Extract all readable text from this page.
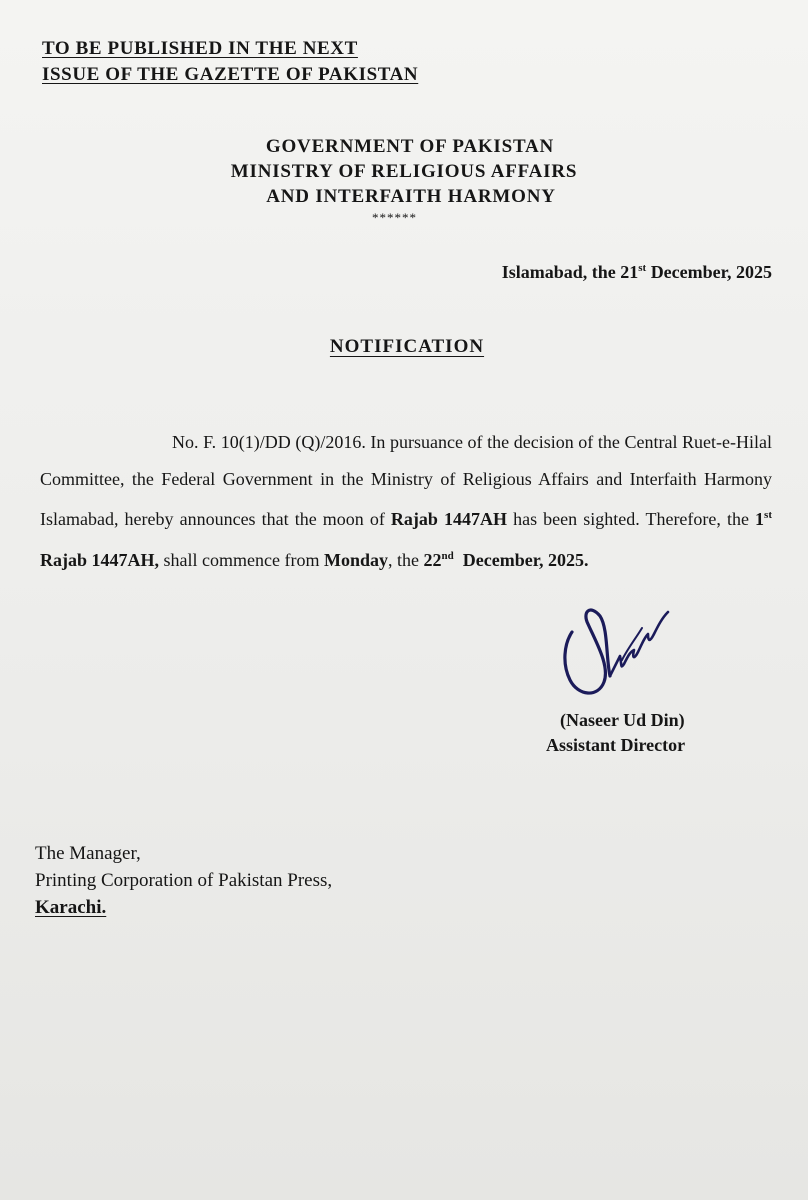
TO BE PUBLISHED IN THE NEXT
ISSUE OF THE GAZETTE OF PAKISTAN
GOVERNMENT OF PAKISTAN
MINISTRY OF RELIGIOUS AFFAIRS
AND INTERFAITH HARMONY
******
Islamabad, the 21st December, 2025
NOTIFICATION
No. F. 10(1)/DD (Q)/2016. In pursuance of the decision of the Central Ruet-e-Hilal Committee, the Federal Government in the Ministry of Religious Affairs and Interfaith Harmony Islamabad, hereby announces that the moon of Rajab 1447AH has been sighted. Therefore, the 1st Rajab 1447AH, shall commence from Monday, the 22nd  December, 2025.
(Naseer Ud Din)
Assistant Director
The Manager,
Printing Corporation of Pakistan Press,
Karachi.
